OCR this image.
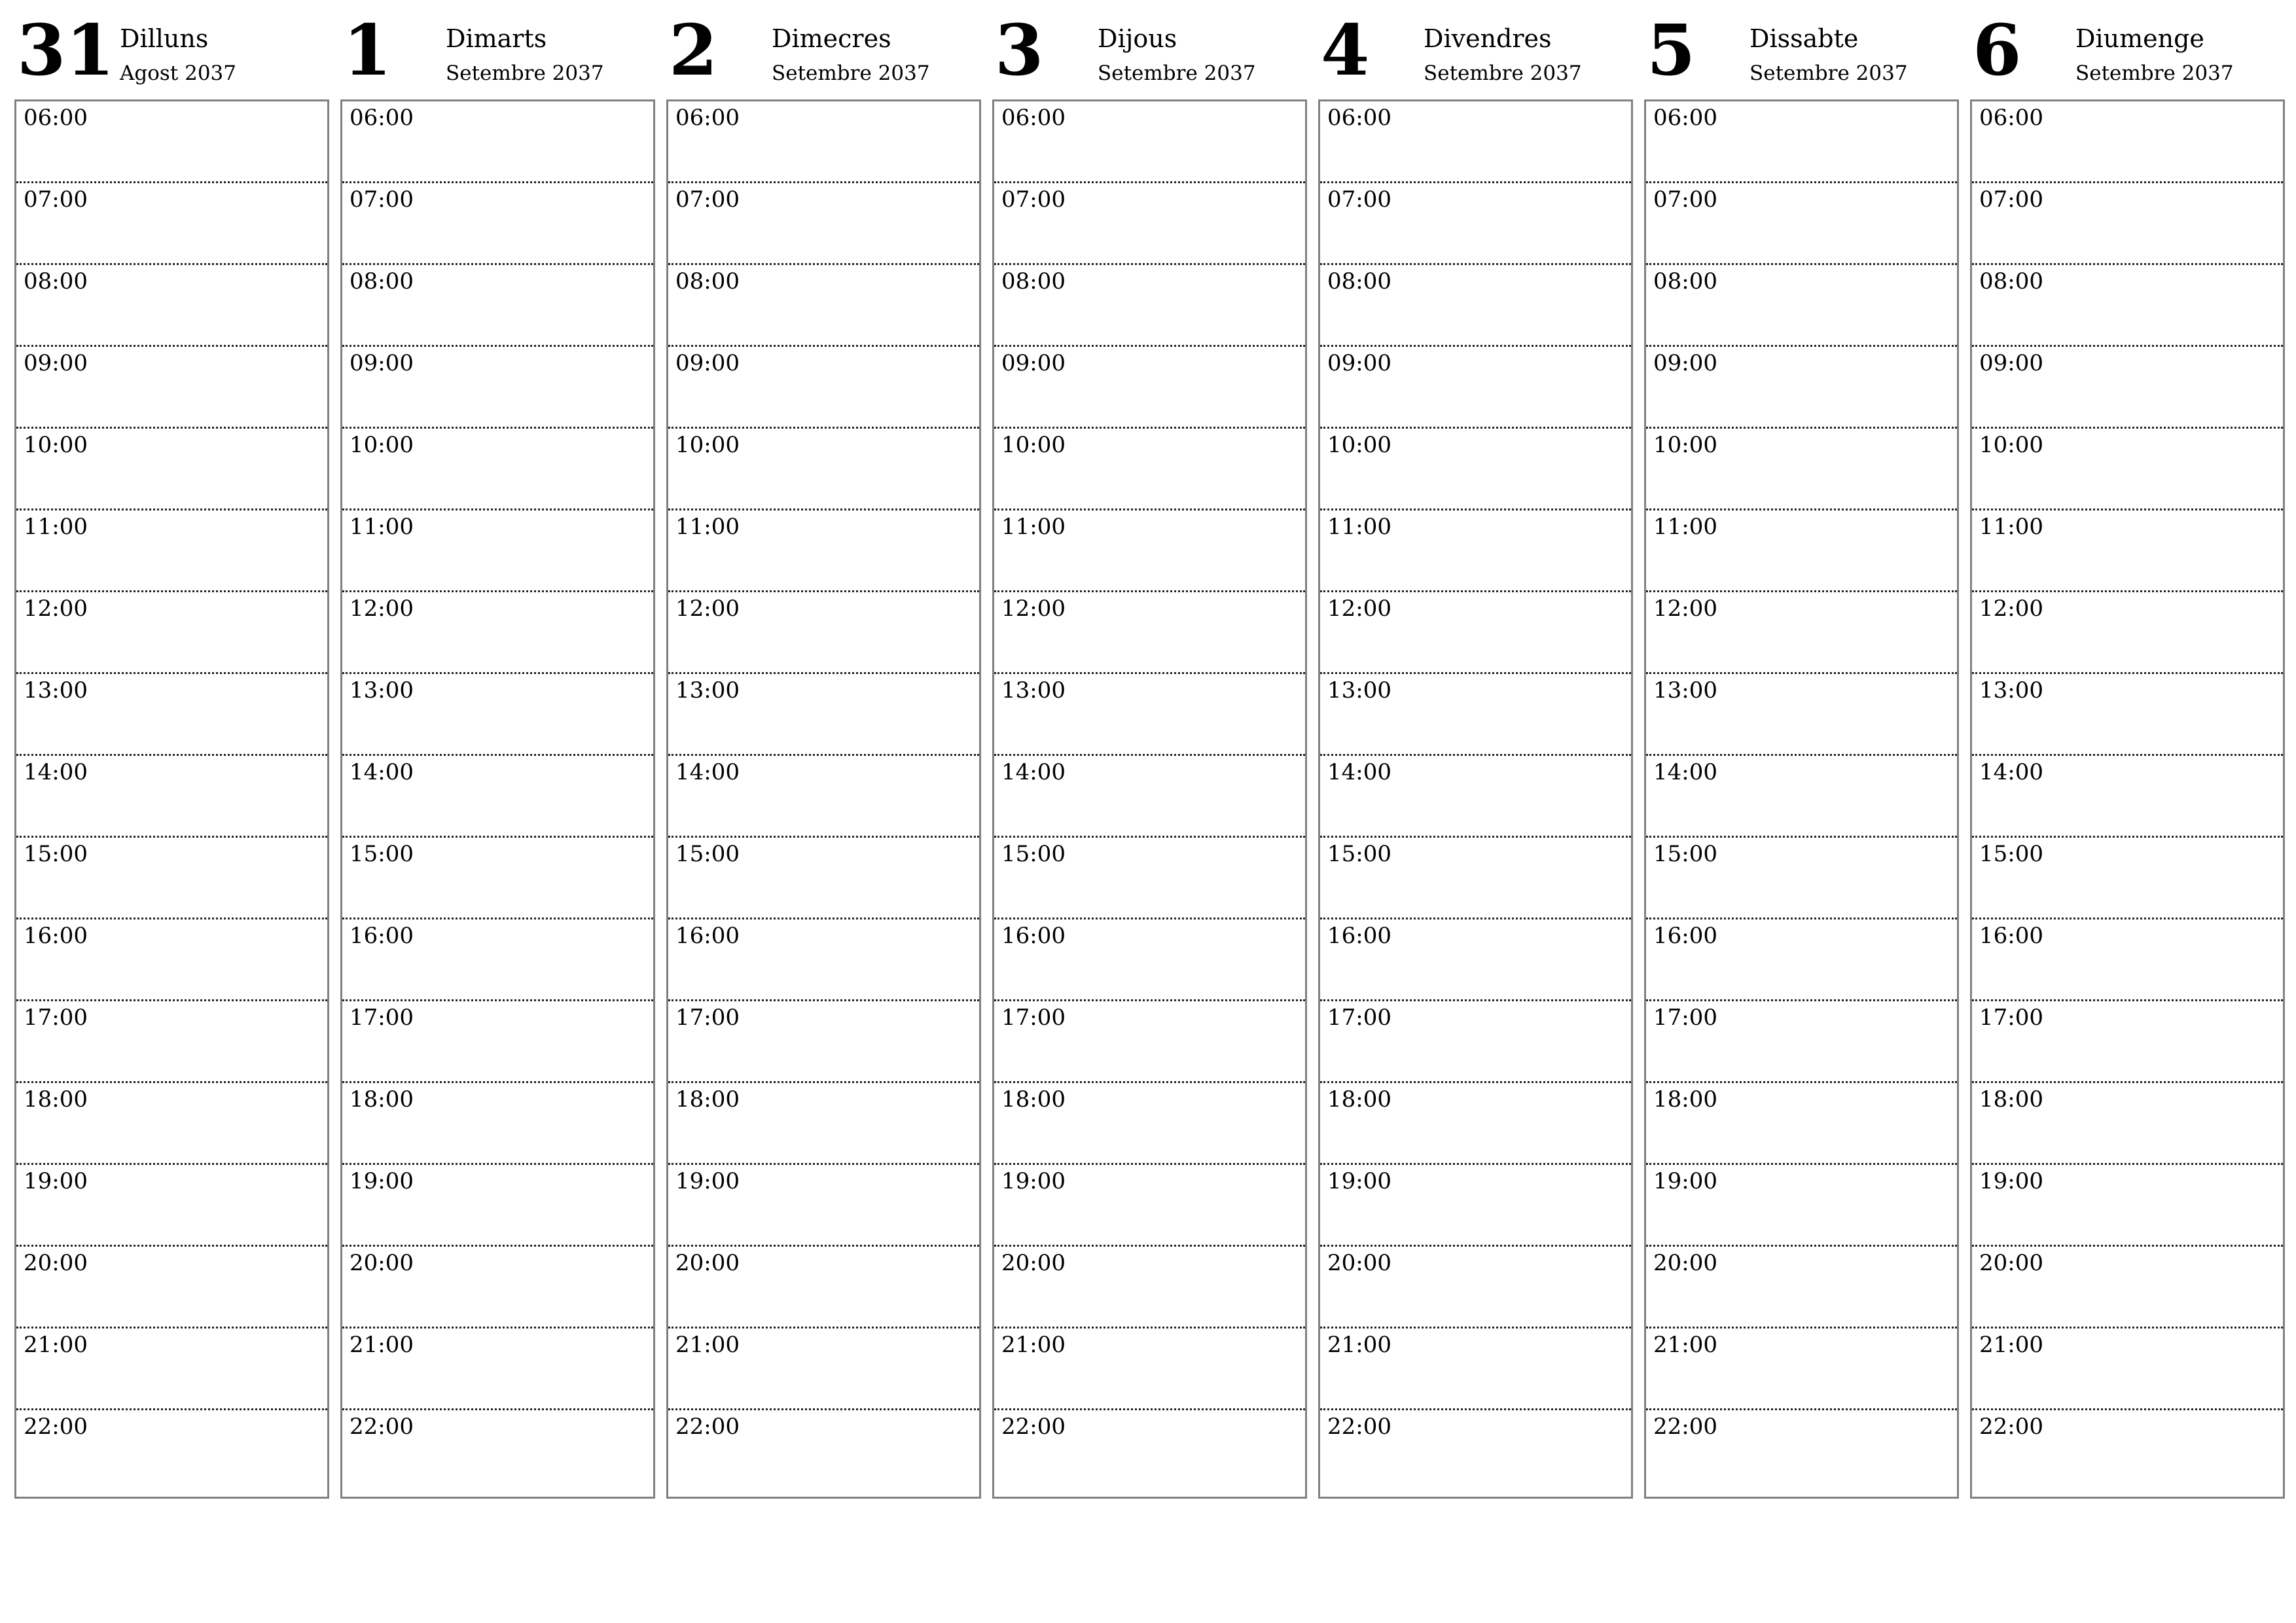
31 Dilluns
Agost 2037
06:00
07:00
08:00
09:00
10:00
11:00
12:00
13:00
14:00
15:00
16:00
17:00
18:00
19:00
20:00
21:00
22:00
1 Dimarts
Setembre 2037
06:00
07:00
08:00
09:00
10:00
11:00
12:00
13:00
14:00
15:00
16:00
17:00
18:00
19:00
20:00
21:00
22:00
2 Dimecres
Setembre 2037
06:00
07:00
08:00
09:00
10:00
11:00
12:00
13:00
14:00
15:00
16:00
17:00
18:00
19:00
20:00
21:00
22:00
3 Dijous
Setembre 2037
06:00
07:00
08:00
09:00
10:00
11:00
12:00
13:00
14:00
15:00
16:00
17:00
18:00
19:00
20:00
21:00
22:00
4 Divendres
Setembre 2037
06:00
07:00
08:00
09:00
10:00
11:00
12:00
13:00
14:00
15:00
16:00
17:00
18:00
19:00
20:00
21:00
22:00
5 Dissabte
Setembre 2037
06:00
07:00
08:00
09:00
10:00
11:00
12:00
13:00
14:00
15:00
16:00
17:00
18:00
19:00
20:00
21:00
22:00
6 Diumenge
Setembre 2037
06:00
07:00
08:00
09:00
10:00
11:00
12:00
13:00
14:00
15:00
16:00
17:00
18:00
19:00
20:00
21:00
22:00
